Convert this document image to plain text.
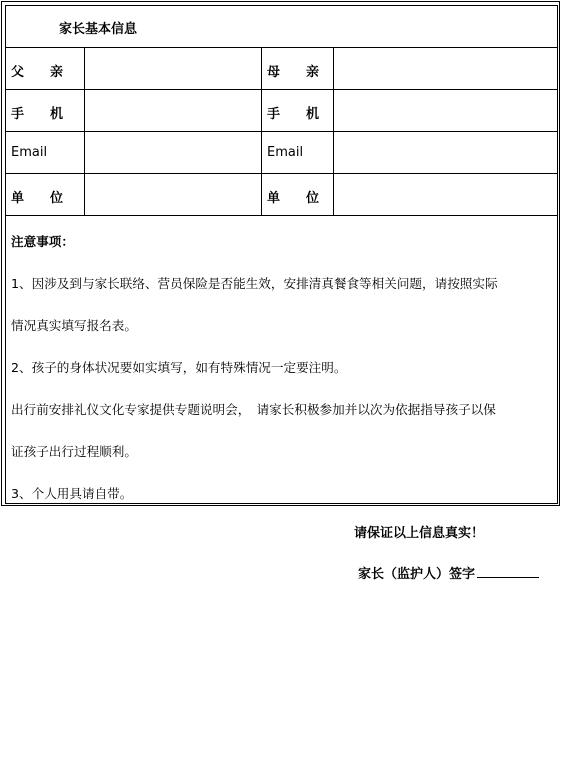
家长基本信息
父　　亲	母　　亲
手　　机	手　　机
Email	Email
单　　位	单　　位
注意事项：
1、因涉及到与家长联络、营员保险是否能生效，安排清真餐食等相关问题，请按照实际
情况真实填写报名表。
2、孩子的身体状况要如实填写，如有特殊情况一定要注明。
出行前安排礼仪文化专家提供专题说明会，　请家长积极参加并以次为依据指导孩子以保
证孩子出行过程顺利。
3、个人用具请自带。
请保证以上信息真实！
家长（监护人）签字
